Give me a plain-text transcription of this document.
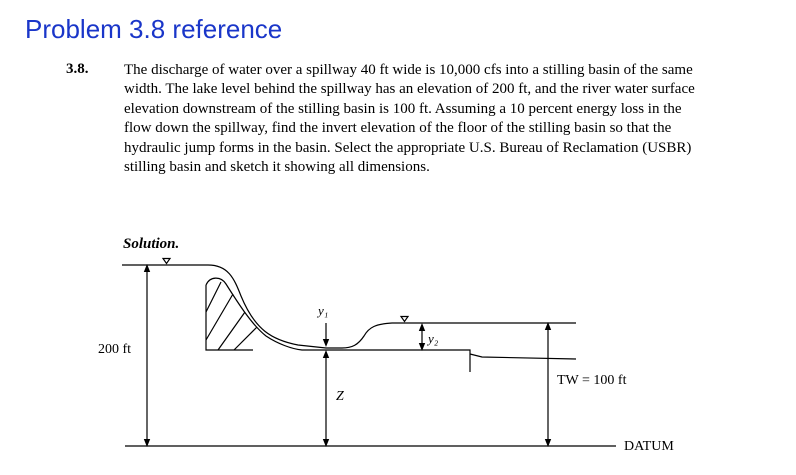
Problem 3.8 reference
3.8. The discharge of water over a spillway 40 ft wide is 10,000 cfs into a stilling basin of the same
width. The lake level behind the spillway has an elevation of 200 ft, and the river water surface
elevation downstream of the stilling basin is 100 ft. Assuming a 10 percent energy loss in the
flow down the spillway, find the invert elevation of the floor of the stilling basin so that the
hydraulic jump forms in the basin. Select the appropriate U.S. Bureau of Reclamation (USBR)
stilling basin and sketch it showing all dimensions.
Solution.
200 ft
y₁
y₂
Z
TW = 100 ft
DATUM
